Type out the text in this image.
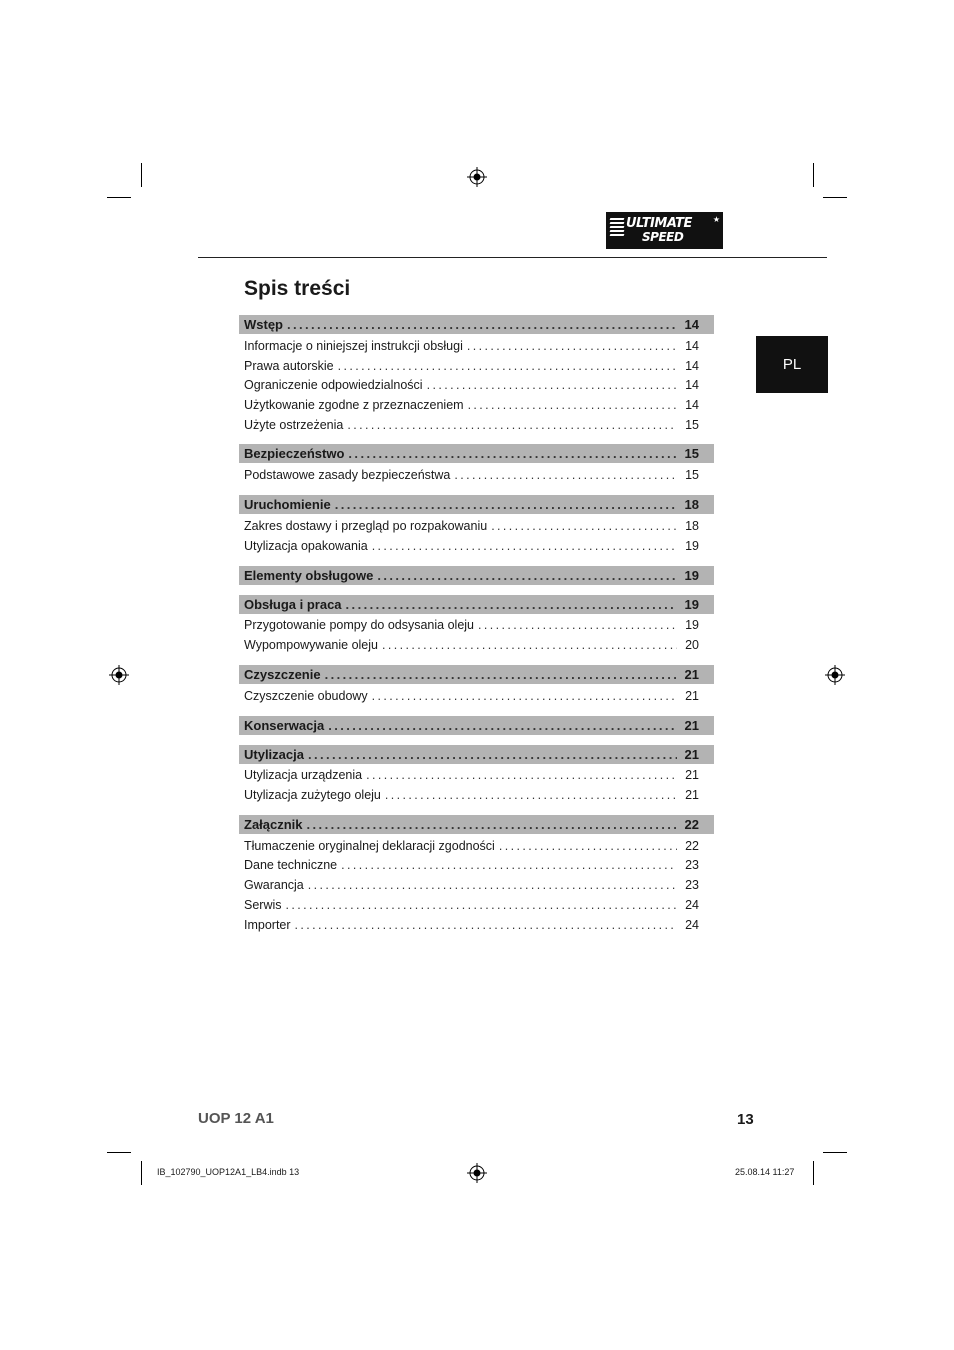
ULTIMATE
SPEED
★
Spis treści
PL
Wstęp .....	14
Informacje o niniejszej instrukcji obsługi .....	14
Prawa autorskie .....	14
Ograniczenie odpowiedzialności .....	14
Użytkowanie zgodne z przeznaczeniem .....	14
Użyte ostrzeżenia .....	15
Bezpieczeństwo .....	15
Podstawowe zasady bezpieczeństwa .....	15
Uruchomienie .....	18
Zakres dostawy i przegląd po rozpakowaniu .....	18
Utylizacja opakowania .....	19
Elementy obsługowe .....	19
Obsługa i praca .....	19
Przygotowanie pompy do odsysania oleju .....	19
Wypompowywanie oleju .....	20
Czyszczenie .....	21
Czyszczenie obudowy .....	21
Konserwacja .....	21
Utylizacja .....	21
Utylizacja urządzenia .....	21
Utylizacja zużytego oleju .....	21
Załącznik .....	22
Tłumaczenie oryginalnej deklaracji zgodności .....	22
Dane techniczne .....	23
Gwarancja .....	23
Serwis .....	24
Importer .....	24
UOP 12 A1	13
IB_102790_UOP12A1_LB4.indb 13	25.08.14 11:27
